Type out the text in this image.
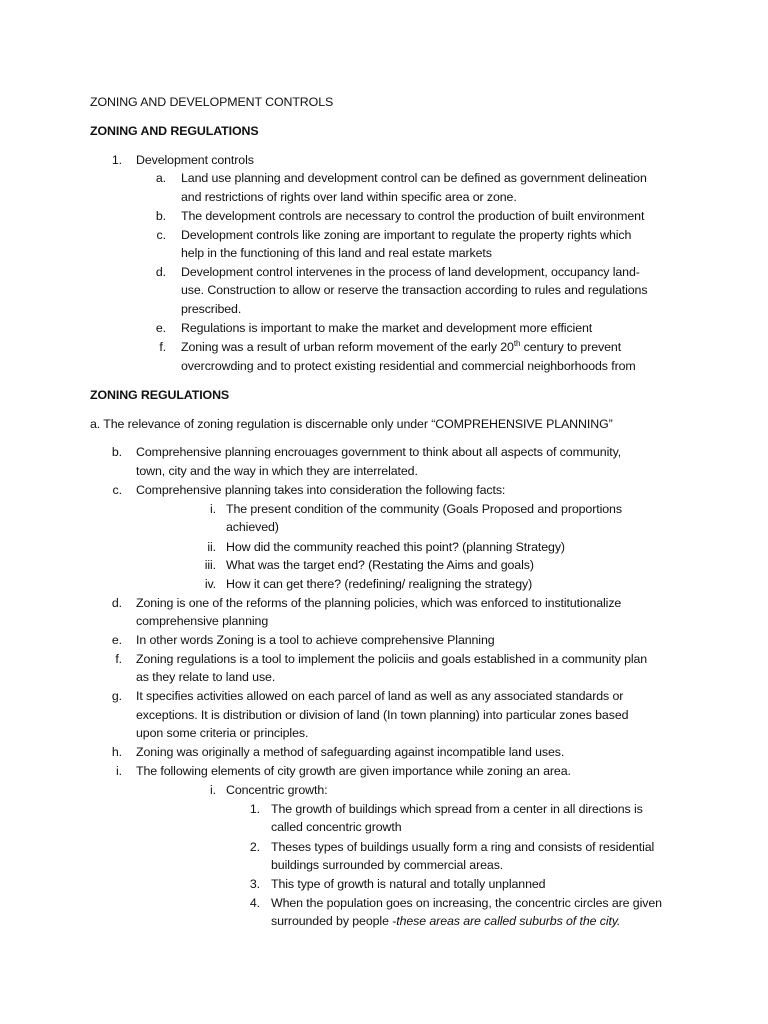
ZONING AND DEVELOPMENT CONTROLS
ZONING AND REGULATIONS
1. Development controls
a. Land use planning and development control can be defined as government delineation
and restrictions of rights over land within specific area or zone.
b. The development controls are necessary to control the production of built environment
c. Development controls like zoning are important to regulate the property rights which
help in the functioning of this land and real estate markets
d. Development control intervenes in the process of land development, occupancy land-
use. Construction to allow or reserve the transaction according to rules and regulations
prescribed.
e. Regulations is important to make the market and development more efficient
f. Zoning was a result of urban reform movement of the early 20th century to prevent
overcrowding and to protect existing residential and commercial neighborhoods from
ZONING REGULATIONS
a. The relevance of zoning regulation is discernable only under “COMPREHENSIVE PLANNING”
b. Comprehensive planning encrouages government to think about all aspects of community,
town, city and the way in which they are interrelated.
c. Comprehensive planning takes into consideration the following facts:
i. The present condition of the community (Goals Proposed and proportions
achieved)
ii. How did the community reached this point? (planning Strategy)
iii. What was the target end? (Restating the Aims and goals)
iv. How it can get there? (redefining/ realigning the strategy)
d. Zoning is one of the reforms of the planning policies, which was enforced to institutionalize
comprehensive planning
e. In other words Zoning is a tool to achieve comprehensive Planning
f. Zoning regulations is a tool to implement the policiis and goals established in a community plan
as they relate to land use.
g. It specifies activities allowed on each parcel of land as well as any associated standards or
exceptions. It is distribution or division of land (In town planning) into particular zones based
upon some criteria or principles.
h. Zoning was originally a method of safeguarding against incompatible land uses.
i. The following elements of city growth are given importance while zoning an area.
i. Concentric growth:
1. The growth of buildings which spread from a center in all directions is
called concentric growth
2. Theses types of buildings usually form a ring and consists of residential
buildings surrounded by commercial areas.
3. This type of growth is natural and totally unplanned
4. When the population goes on increasing, the concentric circles are given
surrounded by people -these areas are called suburbs of the city.
